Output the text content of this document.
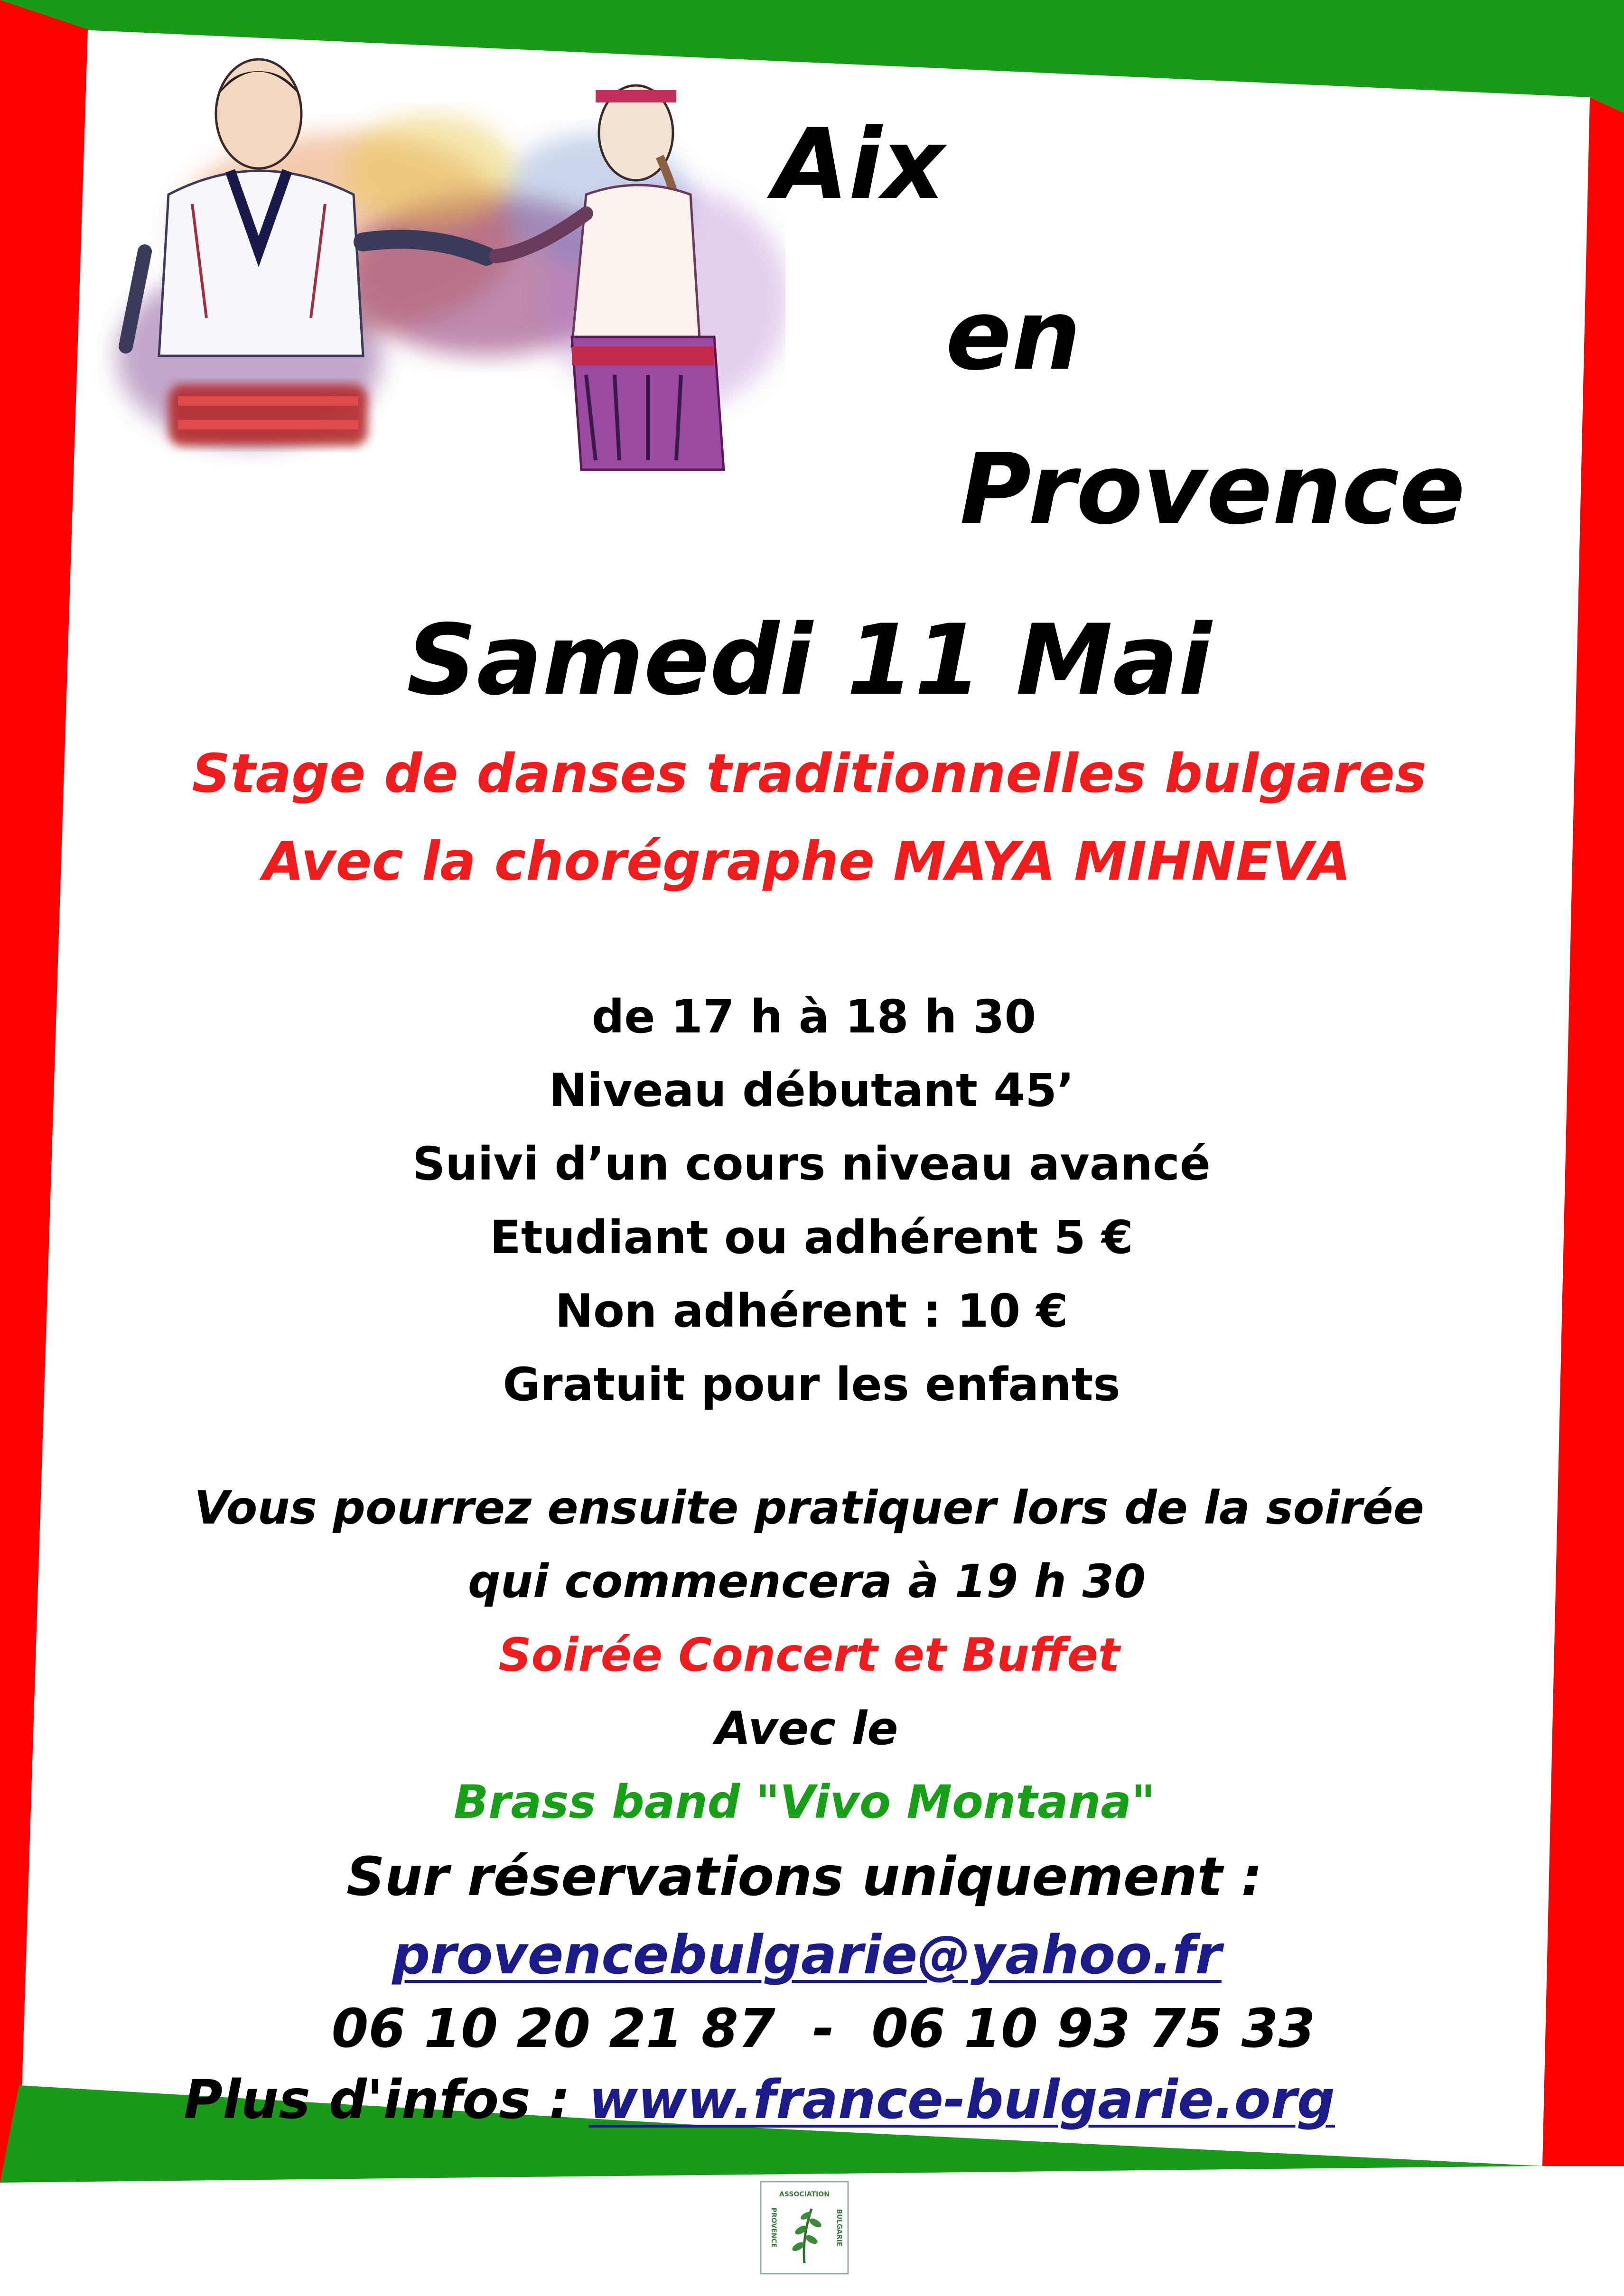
Aix
en
Provence
Samedi 11 Mai
Stage de danses traditionnelles bulgares
Avec la chorégraphe MAYA MIHNEVA
de 17 h à 18 h 30
Niveau débutant 45’
Suivi d’un cours niveau avancé
Etudiant ou adhérent 5 €
Non adhérent : 10 €
Gratuit pour les enfants
Vous pourrez ensuite pratiquer lors de la soirée
qui commencera à 19 h 30
Soirée Concert et Buffet
Avec le
Brass band "Vivo Montana"
Sur réservations uniquement :
provencebulgarie@yahoo.fr
06 10 20 21 87  -  06 10 93 75 33
Plus d'infos : www.france-bulgarie.org
ASSOCIATION
PROVENCE	BULGARIE
